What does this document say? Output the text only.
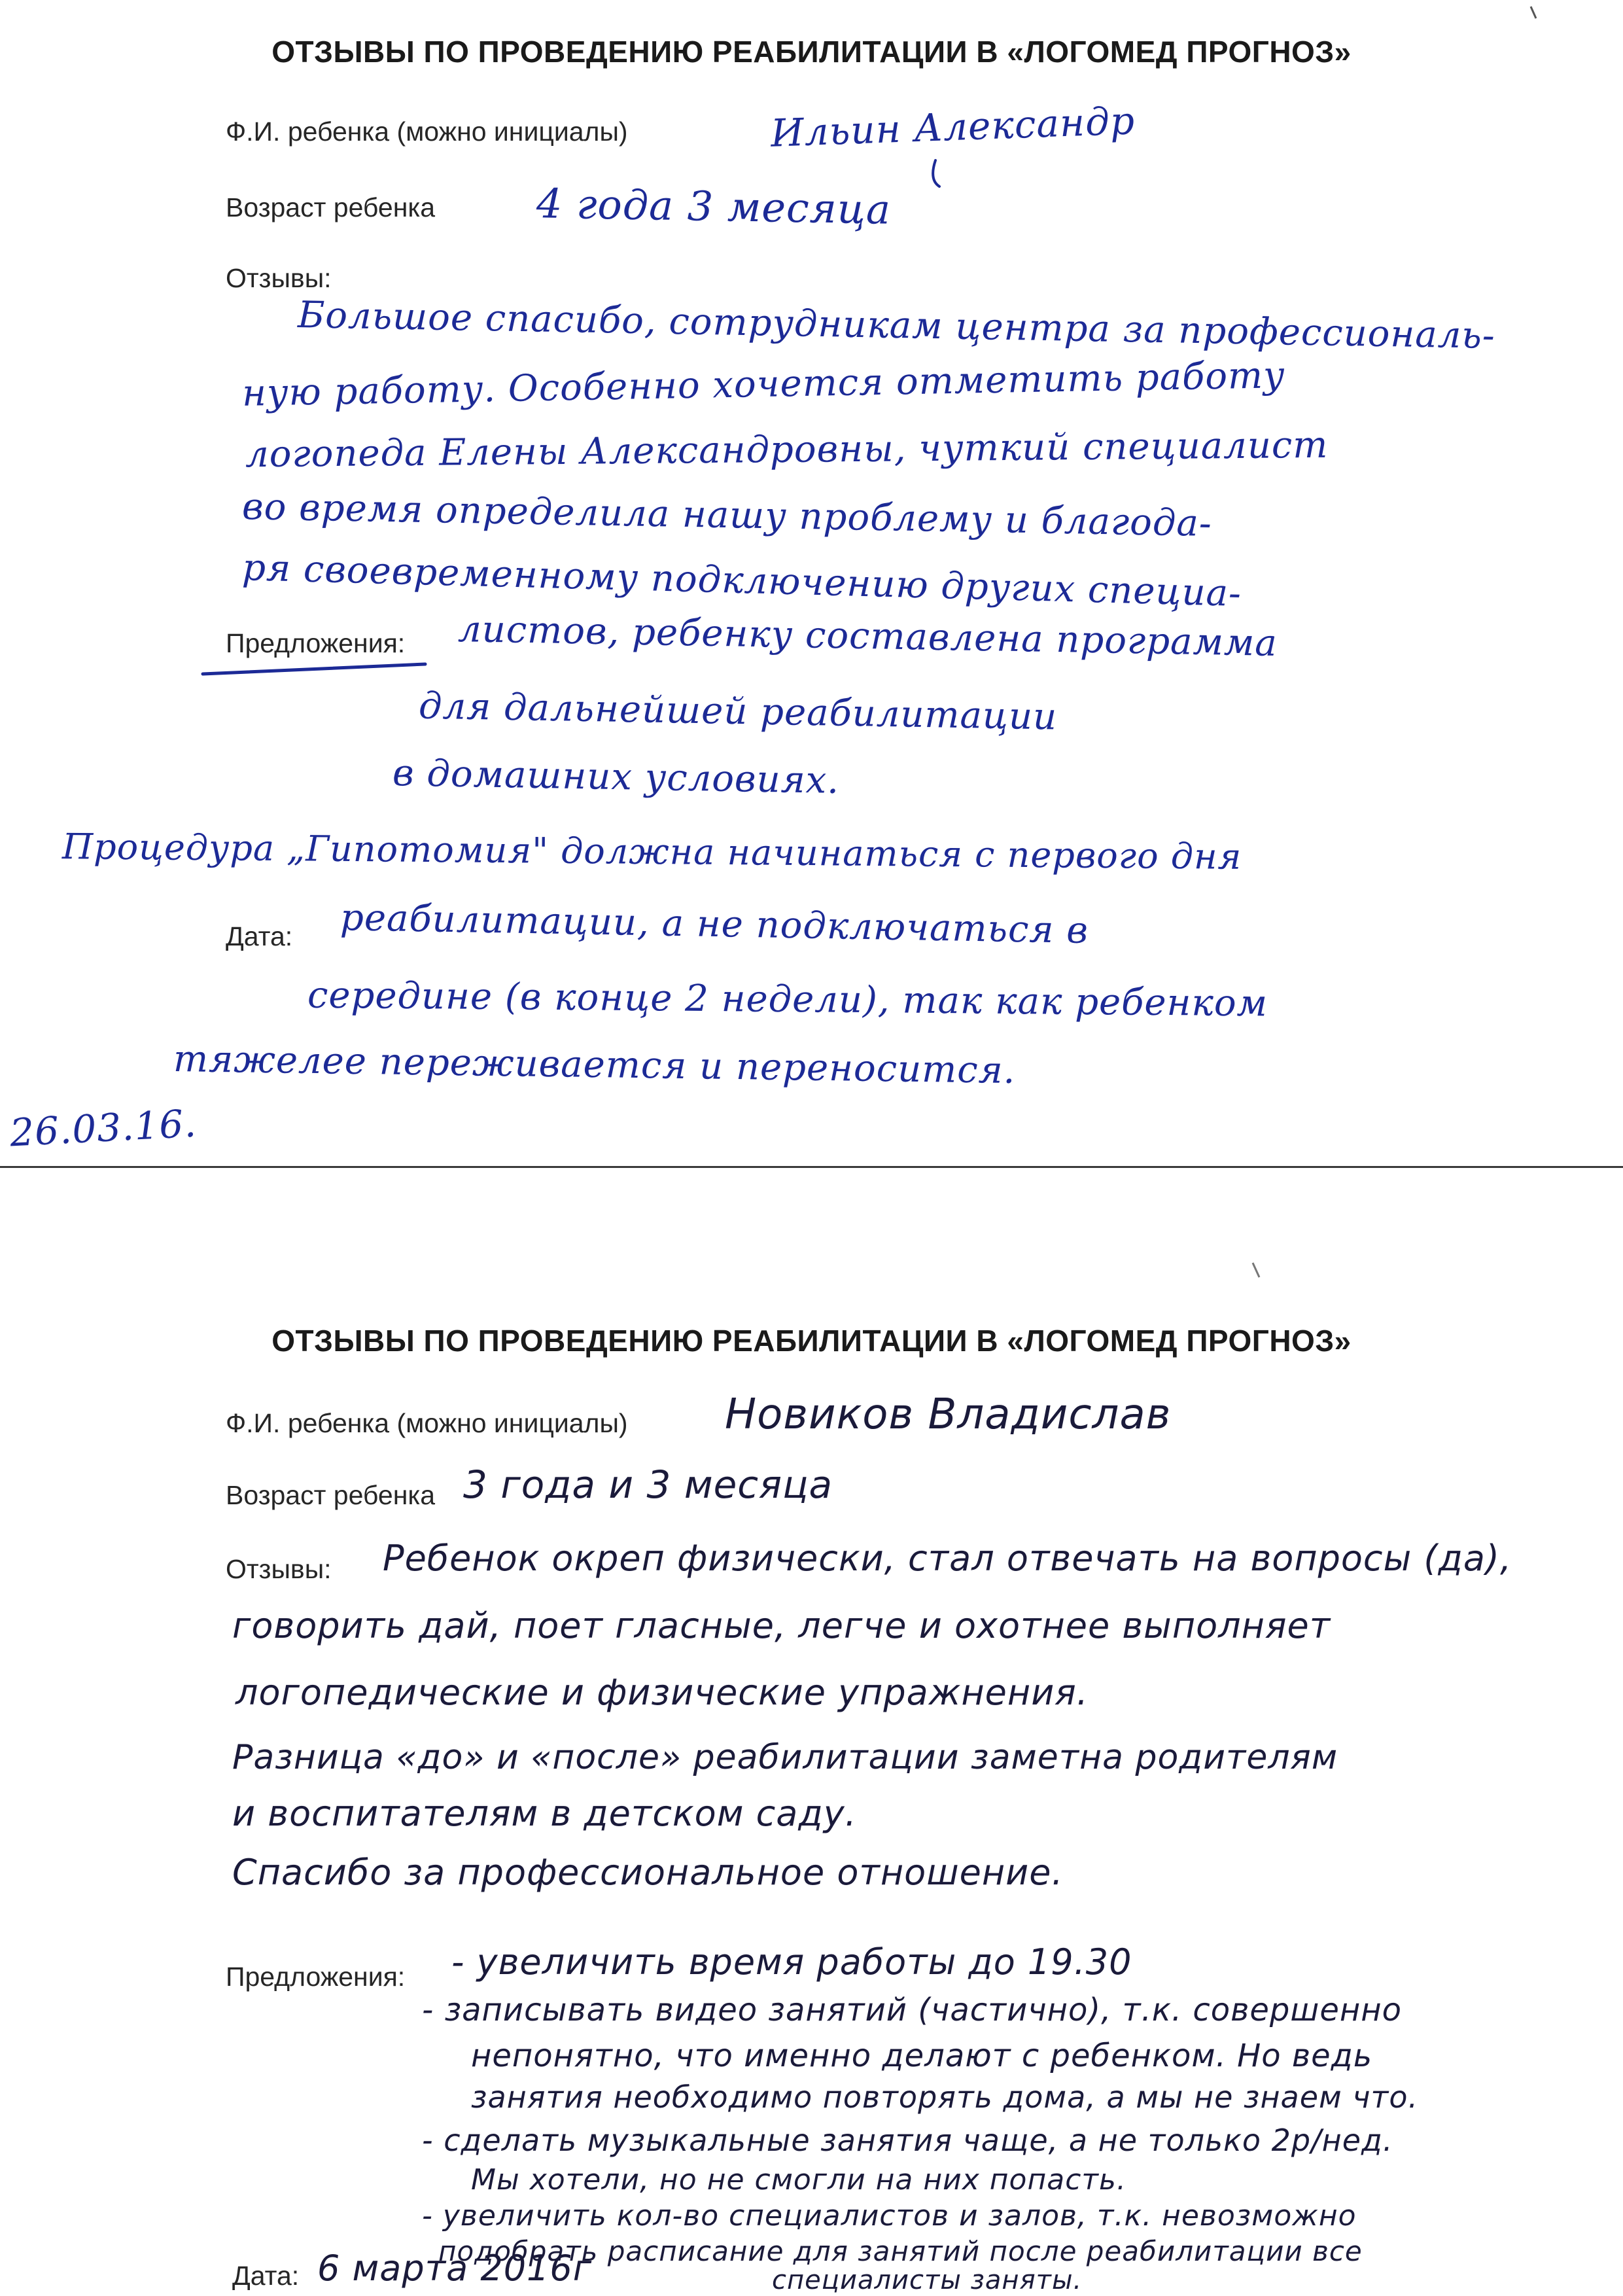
ОТЗЫВЫ ПО ПРОВЕДЕНИЮ РЕАБИЛИТАЦИИ В «ЛОГОМЕД ПРОГНОЗ»
Ф.И. ребенка (можно инициалы)	Ильин Александр
Возраст ребенка 4 года 3 месяца
Отзывы:
Большое спасибо, сотрудникам центра за профессиональ-
ную работу. Особенно хочется отметить работу
логопеда Елены Александровны, чуткий специалист
во время определила нашу проблему и благода-
ря своевременному подключению других специа-
Предложения: листов, ребенку составлена программа
для дальнейшей реабилитации
в домашних условиях.
Процедура „Гипотомия" должна начинаться с первого дня
Дата: реабилитации, а не подключаться в
середине (в конце 2 недели), так как ребенком
тяжелее переживается и переносится.
26.03.16.
ОТЗЫВЫ ПО ПРОВЕДЕНИЮ РЕАБИЛИТАЦИИ В «ЛОГОМЕД ПРОГНОЗ»
Ф.И. ребенка (можно инициалы) Новиков Владислав
Возраст ребенка 3 года и 3 месяца
Отзывы: Ребенок окреп физически, стал отвечать на вопросы (да),
говорить дай, поет гласные, легче и охотнее выполняет
логопедические и физические упражнения.
Разница «до» и «после» реабилитации заметна родителям
и воспитателям в детском саду.
Спасибо за профессиональное отношение.
Предложения: - увеличить время работы до 19.30
- записывать видео занятий (частично), т.к. совершенно
непонятно, что именно делают с ребенком. Но ведь
занятия необходимо повторять дома, а мы не знаем что.
- сделать музыкальные занятия чаще, а не только 2р/нед.
Мы хотели, но не смогли на них попасть.
- увеличить кол-во специалистов и залов, т.к. невозможно
подобрать расписание для занятий после реабилитации все
специалисты заняты.
Дата: 6 марта 2016г
